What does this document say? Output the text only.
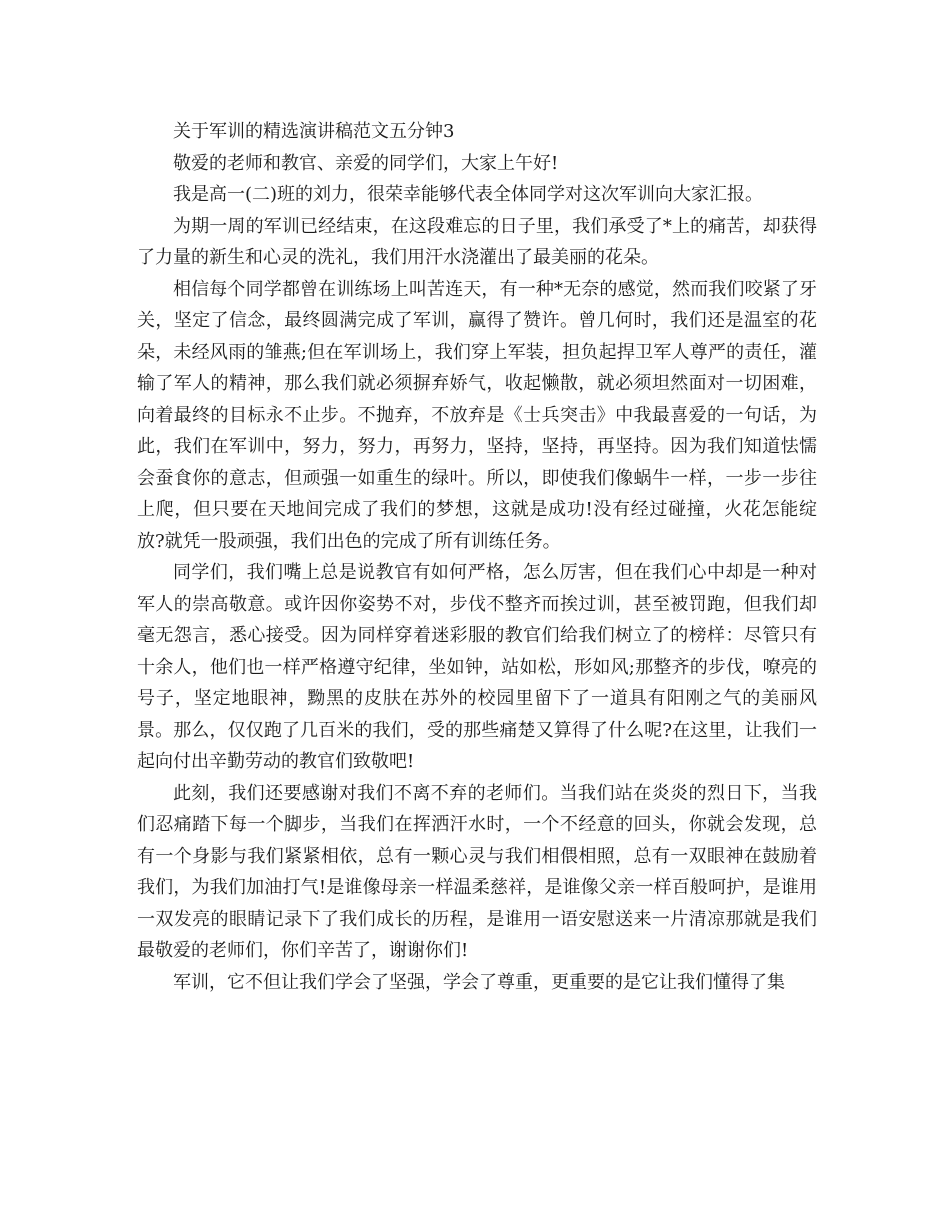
关于军训的精选演讲稿范文五分钟3

敬爱的老师和教官、亲爱的同学们，大家上午好!

我是高一(二)班的刘力，很荣幸能够代表全体同学对这次军训向大家汇报。

为期一周的军训已经结束，在这段难忘的日子里，我们承受了*上的痛苦，却获得了力量的新生和心灵的洗礼，我们用汗水浇灌出了最美丽的花朵。

相信每个同学都曾在训练场上叫苦连天，有一种*无奈的感觉，然而我们咬紧了牙关，坚定了信念，最终圆满完成了军训，赢得了赞许。曾几何时，我们还是温室的花朵，未经风雨的雏燕;但在军训场上，我们穿上军装，担负起捍卫军人尊严的责任，灌输了军人的精神，那么我们就必须摒弃娇气，收起懒散，就必须坦然面对一切困难，向着最终的目标永不止步。不抛弃，不放弃是《士兵突击》中我最喜爱的一句话，为此，我们在军训中，努力，努力，再努力，坚持，坚持，再坚持。因为我们知道怯懦会蚕食你的意志，但顽强一如重生的绿叶。所以，即使我们像蜗牛一样，一步一步往上爬，但只要在天地间完成了我们的梦想，这就是成功!没有经过碰撞，火花怎能绽放?就凭一股顽强，我们出色的完成了所有训练任务。

同学们，我们嘴上总是说教官有如何严格，怎么厉害，但在我们心中却是一种对军人的崇高敬意。或许因你姿势不对，步伐不整齐而挨过训，甚至被罚跑，但我们却毫无怨言，悉心接受。因为同样穿着迷彩服的教官们给我们树立了的榜样：尽管只有十余人，他们也一样严格遵守纪律，坐如钟，站如松，形如风;那整齐的步伐，嘹亮的号子，坚定地眼神，黝黑的皮肤在苏外的校园里留下了一道具有阳刚之气的美丽风景。那么，仅仅跑了几百米的我们，受的那些痛楚又算得了什么呢?在这里，让我们一起向付出辛勤劳动的教官们致敬吧!

此刻，我们还要感谢对我们不离不弃的老师们。当我们站在炎炎的烈日下，当我们忍痛踏下每一个脚步，当我们在挥洒汗水时，一个不经意的回头，你就会发现，总有一个身影与我们紧紧相依，总有一颗心灵与我们相偎相照，总有一双眼神在鼓励着我们，为我们加油打气!是谁像母亲一样温柔慈祥，是谁像父亲一样百般呵护，是谁用一双发亮的眼睛记录下了我们成长的历程，是谁用一语安慰送来一片清凉那就是我们最敬爱的老师们，你们辛苦了，谢谢你们!

军训，它不但让我们学会了坚强，学会了尊重，更重要的是它让我们懂得了集
